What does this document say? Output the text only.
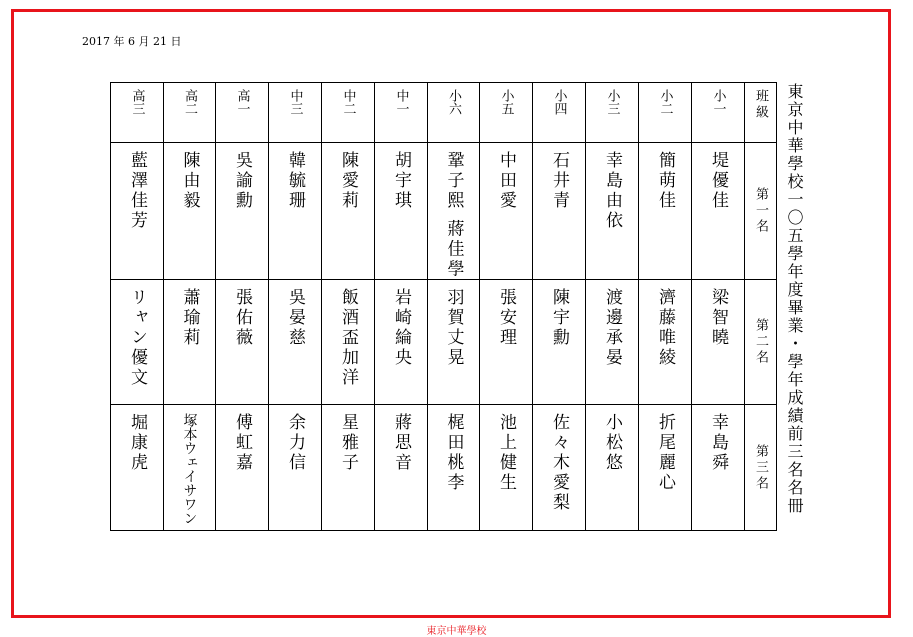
2017 年 6 月 21 日
東京中華學校一〇五學年度畢業・學年成績前三名名冊
高三	高二	高一	中三	中二	中一	小六	小五	小四	小三	小二	小一	班級

藍澤佳芳	陳由毅	吳諭勳	韓毓珊	陳愛莉	胡宇琪	鞏子熙 蔣佳學	中田愛	石井青	幸島由依	簡萌佳	堤優佳	第一名

リャン優文	蕭瑜莉	張佑薇	吳晏慈	飯酒盃加洋	岩崎綸央	羽賀丈晃	張安理	陳宇勳	渡邊承晏	濟藤唯綾	梁智曉	第二名

堀康虎	塚本ウェイサワン	傅虹嘉	余力信	星雅子	蔣思音	梶田桃李	池上健生	佐々木愛梨	小松悠	折尾麗心	幸島舜	第三名
東京中華學校
